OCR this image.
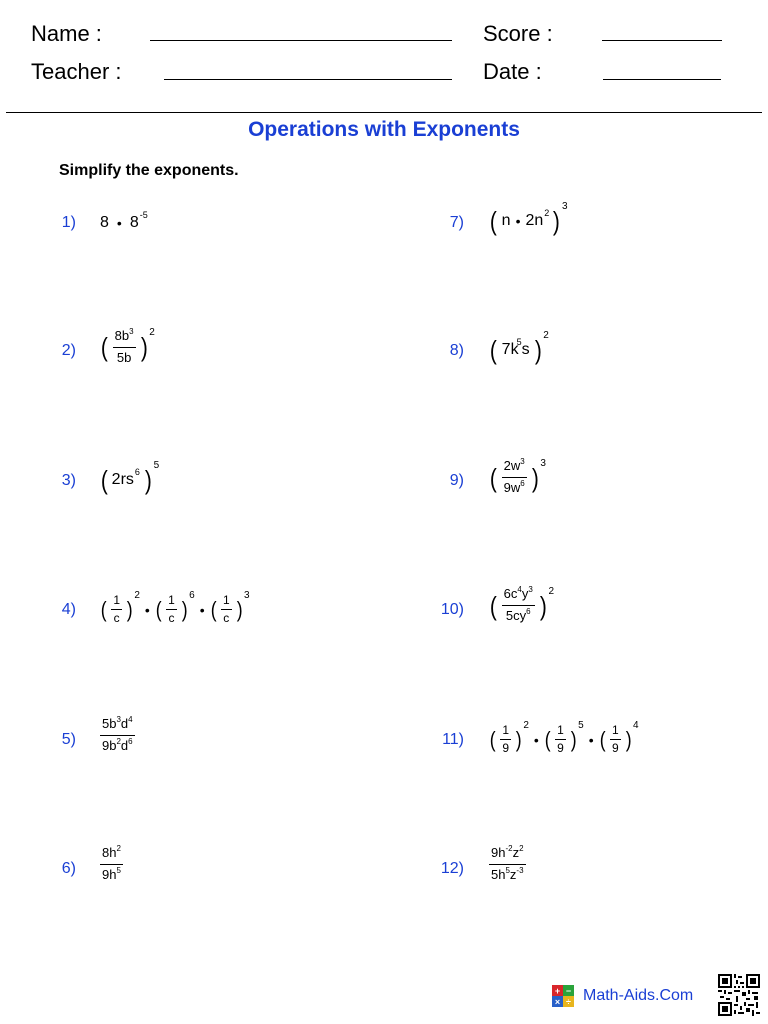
Name :
Teacher :
Score :
Date :
Operations with Exponents
Simplify the exponents.
1) 8 • $8^{-5}$
2) ( $\frac{8b^3}{5b} )^2$
3) ( $2rs^6$ )$^5$
4) ( $\frac{1}{c}$ )
$^2$
• ( $\frac{1}{c}$ )
$^6$
• ( $\frac{1}{c}$ )
$^3$
$5) \frac{5b^3d^4}{9b^2d^6}$
$6) \frac{8h^2}{9h^5}$
7) ( n • $2n^2$ )$^3$
8) ( 7k
$^5$ s )$^2$
9) ( $\frac{2w^3}{9w^6} )^3$
10) ( $\frac{6c^4y^3}{5cy^6} )^2$
11) ( $\frac{1}{9}$ )
$^2$
• ( $\frac{1}{9}$ )
$^5$
• ( $\frac{1}{9}$ )
$^4$
$12) \frac{9h^{-2}z^2}{5h^5z^{-3}}$
+ −
× ÷ Math-Aids.Com
